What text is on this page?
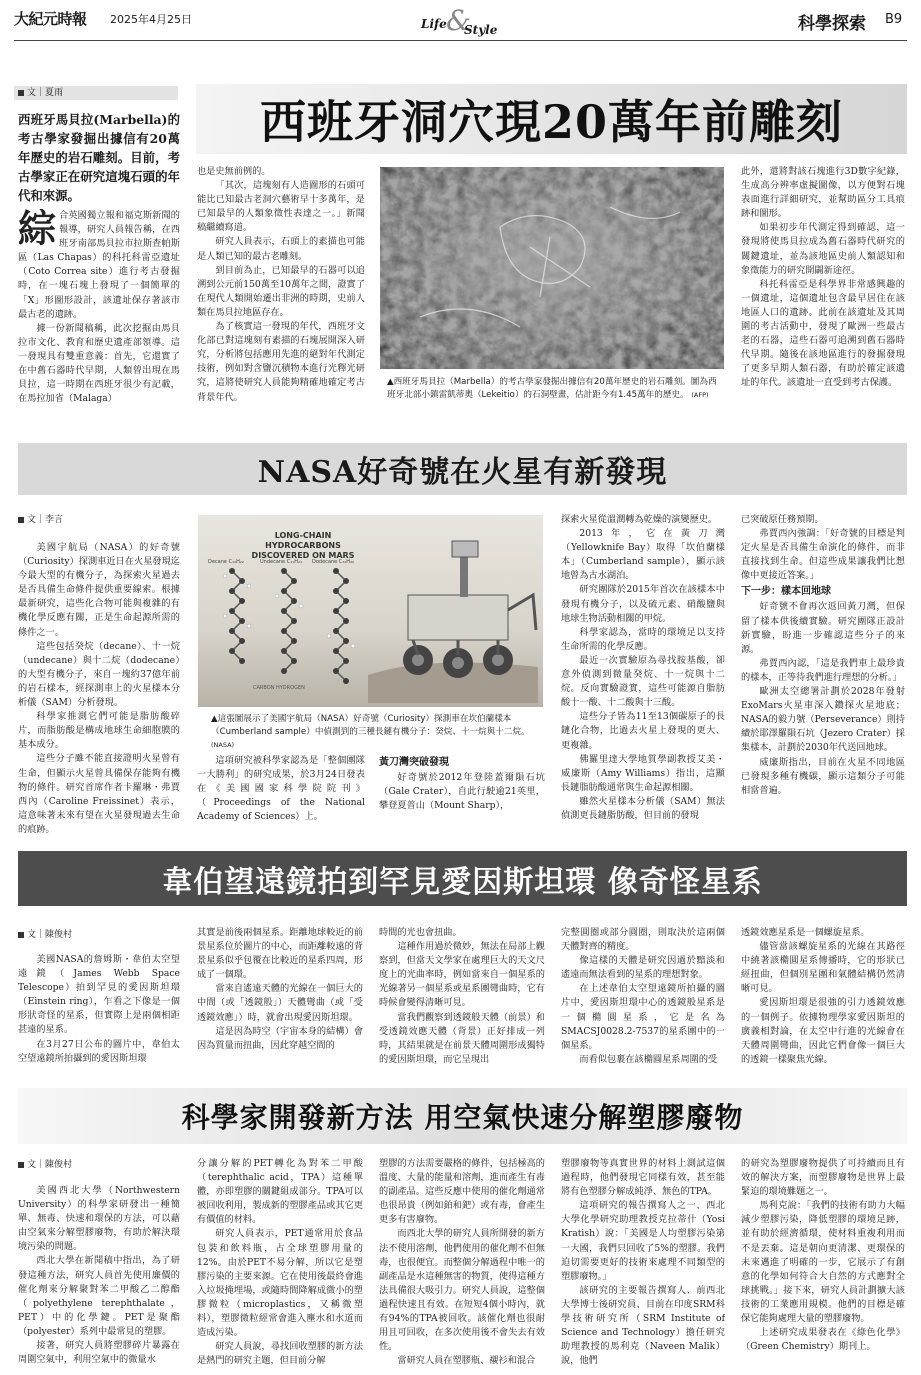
大紀元時報 2025年4月25日	Life &
Style	科學探索 B9
文｜夏雨
西班牙洞穴現20萬年前雕刻
西班牙馬貝拉(Marbella)的考古學家發掘出據信有20萬年歷史的岩石雕刻。目前，考古學家正在研究這塊石頭的年代和來源。

綜合英國獨立報和福克斯新聞的報導，研究人員報告稱，在西班牙南部馬貝拉市拉斯查帕斯區（Las Chapas）的科托科雷亞遺址（Coto Correa site）進行考古發掘時，在一塊石塊上發現了一個簡單的「X」形圖形設計，該遺址保存著該市最古老的遺跡。

據一份新聞稿稱，此次挖掘由馬貝拉市文化、教育和歷史遺產部領導。這一發現具有雙重意義：首先，它還實了在中舊石器時代早期，人類曾出現在馬貝拉，這一時期在西班牙很少有記載，在馬拉加省（Malaga）

也是史無前例的。

「其次，這塊刻有人造圖形的石頭可能比已知最古老洞穴藝術早十多萬年，是已知最早的人類象徵性表達之一。」新聞稿繼續寫道。

研究人員表示，石頭上的素描也可能是人類已知的最古老雕刻。

到目前為止，已知最早的石器可以追溯到公元前150萬至10萬年之間，證實了在現代人類開始遷出非洲的時期，史前人類在馬貝拉地區存在。

為了核實這一發現的年代，西班牙文化部已對這塊刻有素描的石塊展開深入研究，分析將包括應用先進的絕對年代測定技術，例如對含鹽沉積物本進行光釋光研究，這將使研究人員能夠精確地確定考古背景年代。

▲西班牙馬貝拉（Marbella）的考古學家發掘出據信有20萬年歷史的岩石雕刻。圖為西班牙北部小鎮雷凱蒂奧（Lekeitio）的石洞壁畫，估計距今有1.45萬年的歷史。 (AFP)

此外，還將對該石塊進行3D數字紀錄，生成高分辨率虛擬圖像，以方便對石塊表面進行詳細研究，並幫助區分工具痕跡和圖形。

如果初步年代測定得到確認，這一發現將使馬貝拉成為舊石器時代研究的關鍵遺址，並為該地區史前人類認知和象徵能力的研究開闢新途徑。

科托科雷亞是科學界非常感興趣的一個遺址，這個遺址包含最早居住在該地區人口的遺跡。此前在該遺址及其周圍的考古活動中，發現了歐洲一些最古老的石器，這些石器可追溯到舊石器時代早期。隨後在該地區進行的發掘發現了更多早期人類石器，有助於確定該遺址的年代。該遺址一直受到考古保護。

NASA好奇號在火星有新發現
文｜李言

美國宇航局（NASA）的好奇號（Curiosity）探測車近日在火星發現迄今最大型的有機分子，為探索火星過去是否具備生命條件提供重要線索。根據最新研究，這些化合物可能與複雜的有機化學反應有關，正是生命起源所需的條件之一。

這些包括癸烷（decane）、十一烷（undecane）與十二烷（dodecane）的大型有機分子，來自一塊約37億年前的岩石樣本，經探測車上的火星樣本分析儀（SAM）分析發現。

科學家推測它們可能是脂肪酸碎片，而脂肪酸是構成地球生命細胞膜的基本成分。

這些分子雖不能直接證明火星曾有生命，但顯示火星曾具備保存能夠有機物的條件。研究首席作者卡羅琳・弗賈西內（Caroline Freissinet）表示，這意味著未來有望在火星發現過去生命的痕跡。

LONG-CHAIN HYDROCARBONS
DISCOVERED ON MARS
Decane C₁₀H₂₂	Undecane C₁₁H₂₄ Dodecane C₁₂H₂₆
CARBON HYDROGEN
▲這張圖展示了美國宇航局（NASA）好奇號（Curiosity）探測車在坎伯蘭樣本（Cumberland sample）中偵測到的三種長鏈有機分子：癸烷、十一烷與十二烷。 (NASA)

這項研究被科學家認為是「整個團隊一大勝利」的研究成果，於3月24日發表在《美國國家科學院院刊》（Proceedings of the National Academy of Sciences）上。

黃刀灣突破發現

好奇號於2012年登陸蓋爾隕石坑（Gale Crater），自此行駛逾21英里，攀登夏普山（Mount Sharp），

探索火星從溫潤轉為乾燥的演變歷史。

2013年，它在黃刀灣（Yellowknife Bay）取得「坎伯蘭樣本」（Cumberland sample），顯示該地曾為古水湖泊。

研究團隊於2015年首次在該樣本中發現有機分子，以及硫元素、硝酸鹽與地球生物活動相關的甲烷。

科學家認為，當時的環境足以支持生命所需的化學反應。

最近一次實驗原為尋找胺基酸，卻意外偵測到微量癸烷、十一烷與十二烷。反向實驗證實，這些可能源自脂肪酸十一酸、十二酸與十三酸。

這些分子皆為11至13個碳原子的長鏈化合物，比過去火星上發現的更大、更複雜。

佛羅里達大學地質學副教授艾美・威廉斯（Amy Williams）指出，這顯長鏈脂肪酸通常與生命起源相關。

雖然火星樣本分析儀（SAM）無法偵測更長鏈脂肪酸，但目前的發現

已突破原任務預期。

弗賈西內強調：「好奇號的目標是判定火星是否具備生命演化的條件，而非直接找到生命。但這些成果讓我們比想像中更接近答案。」

下一步：樣本回地球

好奇號不會再次返回黃刀灣，但保留了樣本供後續實驗。研究團隊正設計新實驗，盼進一步確認這些分子的來源。

弗賈西內認，「這是我們車上最珍貴的樣本，正等待我們進行理想的分析。」

歐洲太空總署計劃於2028年發射ExoMars火星車深入鑽探火星地底；NASA的毅力號（Perseverance）則持續於耶澤羅隕石坑（Jezero Crater）採集樣本，計劃於2030年代送回地球。

威廉斯指出，目前在火星不同地區已發現多種有機碳，顯示這類分子可能相當普遍。

韋伯望遠鏡拍到罕見愛因斯坦環 像奇怪星系
文｜陳俊村

美國NASA的詹姆斯・韋伯太空望遠鏡（James Webb Space Telescope）拍到罕見的愛因斯坦環（Einstein ring），乍看之下像是一個形狀奇怪的星系，但實際上是兩個相距甚遠的星系。

在3月27日公布的圖片中，韋伯太空望遠鏡所拍攝到的愛因斯坦環

其實是前後兩個星系。距離地球較近的前景星系位於圖片的中心，而距離較遠的背景星系似乎包覆在比較近的星系四周，形成了一個環。

當來自遙遠天體的光線在一個巨大的中間（或「透鏡般」）天體彎曲（或「受透鏡效應」）時，就會出現愛因斯坦環。

這是因為時空（宇宙本身的結構）會因為質量而扭曲，因此穿越空間的

時間的光也會扭曲。

這種作用過於微妙，無法在局部上觀察到，但當天文學家在處理巨大的天文尺度上的光曲率時，例如當來自一個星系的光線著另一個星系或星系團彎曲時，它有時候會變得清晰可見。

當我們觀察到透鏡般天體（前景）和受透鏡效應天體（背景）正好排成一列時，其結果就是在前景天體周圍形成獨特的愛因斯坦環，而它呈現出

完整圓圈或部分圓圈，則取決於這兩個天體對齊的精度。

像這樣的天體是研究因過於黯淡和遙遠而無法看到的星系的理想對象。

在上述韋伯太空望遠鏡所拍攝的圖片中，愛因斯坦環中心的透鏡般星系是一個橢圓星系，它是名為SMACSJ0028.2-7537的星系團中的一個星系。

而看似包裹在該橢圓星系周圍的受

透鏡效應星系是一個螺旋星系。

儘管當該螺旋星系的光線在其路徑中繞著該橢圓星系傳播時，它的形狀已經扭曲，但個別星團和氣體結構仍然清晰可見。

愛因斯坦環是很強的引力透鏡效應的一個例子。依據物理學家愛因斯坦的廣義相對論，在太空中行進的光線會在天體周圍彎曲，因此它們會像一個巨大的透鏡一樣聚焦光線。

科學家開發新方法 用空氣快速分解塑膠廢物
文｜陳俊村

美國西北大學（Northwestern University）的科學家研發出一種簡單、無毒、快速和環保的方法，可以藉由空氣來分解塑膠廢物，有助於解決環境污染的問題。

西北大學在新聞稿中指出，為了研發這種方法，研究人員首先使用廉價的催化劑來分解聚對苯二甲酸乙二醇酯（polyethylene terephthalate，PET）中的化學鍵。PET是聚酯（polyester）系列中最常見的塑膠。

接著，研究人員將塑膠碎片暴露在周圍空氣中，利用空氣中的微量水

分讓分解的PET轉化為對苯二甲酸（terephthalic acid，TPA）這種單體，亦即塑膠的關鍵組成部分。TPA可以被回收利用，製成新的塑膠產品或其它更有價值的材料。

研究人員表示，PET通常用於食品包裝和飲料瓶，占全球塑膠用量的12%。由於PET不易分解，所以它是塑膠污染的主要來源。它在使用後最終會進入垃圾掩埋場，或隨時間降解成微小的塑膠微粒（microplastics，又稱微塑料），塑膠微粒經常會進入塵水和水道而造成污染。

研究人員說，尋找回收塑膠的新方法是熱門的研究主題，但目前分解

塑膠的方法需要嚴格的條件，包括極高的溫度、大量的能量和溶劑，進而產生有毒的副產品。這些反應中使用的催化劑通常也很昂貴（例如鉑和鈀）或有毒，會產生更多有害廢物。

而西北大學的研究人員所開發的新方法不使用溶劑，他們使用的催化劑不但無毒，也很便宜。而整個分解過程中唯一的副產品是水這種無害的物質，使得這種方法具備很大吸引力。研究人員說，這整個過程快速且有效。在短短4個小時內，就有94%的TPA被回收。該催化劑也很耐用且可回收，在多次使用後不會失去有效性。

當研究人員在塑膠瓶、襯衫和混合

塑膠廢物等真實世界的材料上測試這個過程時，他們發現它同樣有效，甚至能將有色塑膠分解成純淨、無色的TPA。

這項研究的報告撰寫人之一、西北大學化學研究助理教授克拉蒂什（Yosi Kratish）說：「美國是人均塑膠污染第一大國，我們只回收了5%的塑膠。我們迫切需要更好的技術來處理不同類型的塑膠廢物。」

該研究的主要報告撰寫人、前西北大學博士後研究員、目前在印度SRM科學技術研究所（SRM Institute of Science and Technology）擔任研究助理教授的馬利克（Naveen Malik）說，他們

的研究為塑膠廢物提供了可持續而且有效的解決方案，而塑膠廢物是世界上最緊迫的環境難題之一。

馬利克說：「我們的技術有助力大幅減少塑膠污染，降低塑膠的環境足跡，並有助於經濟循環，使材料重複利用而不是丟棄。這是朝向更清潔、更環保的未來邁進了明確的一步，它展示了有創意的化學如何符合大自然的方式應對全球挑戰。」接下來，研究人員計劃擴大該技術的工業應用規模。他們的目標是確保它能夠處理大量的塑膠廢物。

上述研究成果發表在《綠色化學》（Green Chemistry）期刊上。
